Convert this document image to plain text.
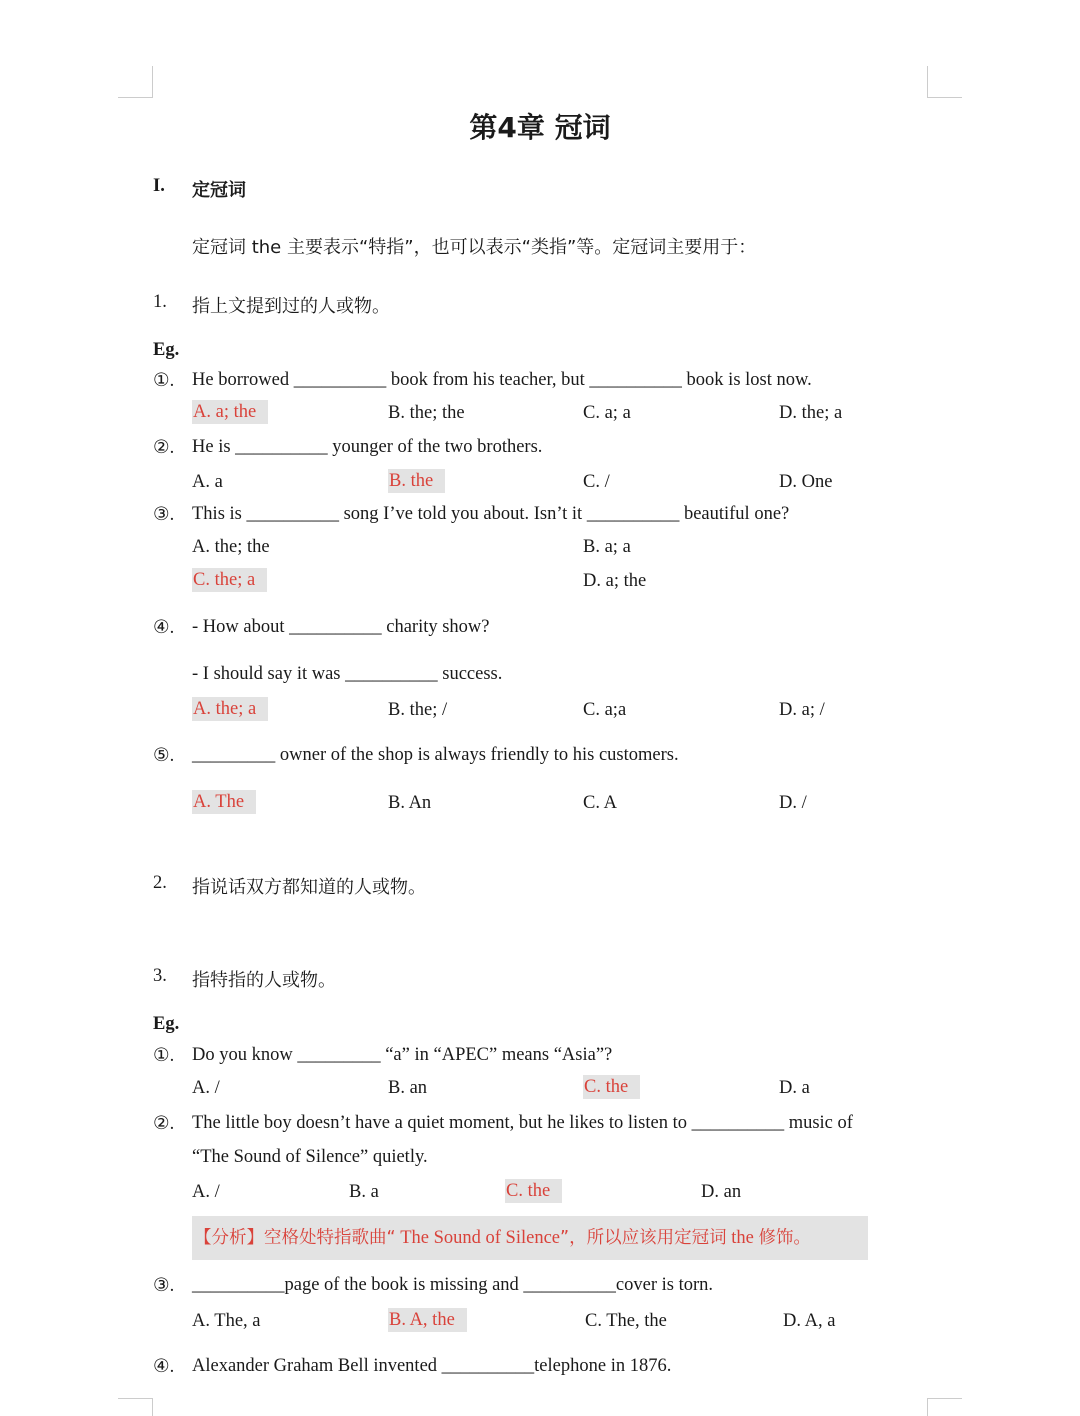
第4章 冠词
I. 定冠词
定冠词 the 主要表示“特指”，也可以表示“类指”等。定冠词主要用于：
1. 指上文提到过的人或物。
Eg.
①. He borrowed __________ book from his teacher, but __________ book is lost now.
A. a; the	B. the; the	C. a; a	D. the; a
②. He is __________ younger of the two brothers.
A. a	B. the	C. /	D. One
③. This is __________ song I’ve told you about. Isn’t it __________ beautiful one?
A. the; the	B. a; a
C. the; a	D. a; the
④. - How about __________ charity show?
- I should say it was __________ success.
A. the; a	B. the; /	C. a;a	D. a; /
⑤. _________ owner of the shop is always friendly to his customers.
A. The	B. An	C. A	D. /
2. 指说话双方都知道的人或物。
3. 指特指的人或物。
Eg.
①. Do you know _________ “a” in “APEC” means “Asia”?
A. /	B. an	C. the	D. a
②. The little boy doesn’t have a quiet moment, but he likes to listen to __________ music of
“The Sound of Silence” quietly.
A. /	B. a	C. the	D. an
【分析】空格处特指歌曲“ The Sound of Silence”，所以应该用定冠词 the 修饰。
③. __________page of the book is missing and __________cover is torn.
A. The, a	B. A, the	C. The, the	D. A, a
④. Alexander Graham Bell invented __________telephone in 1876.
